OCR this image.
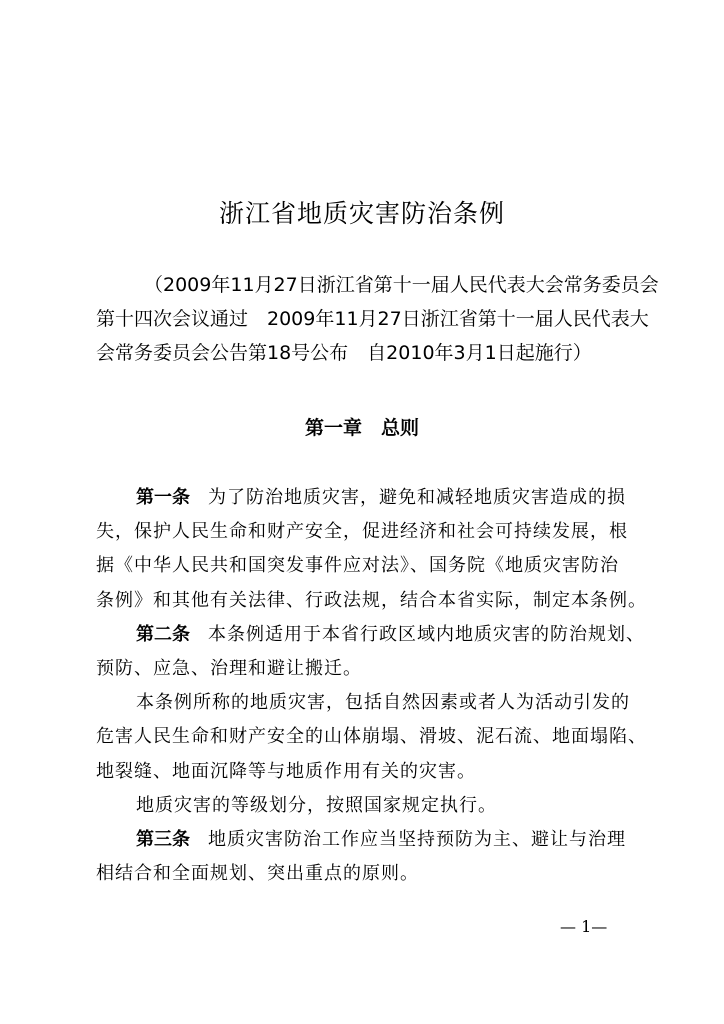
浙江省地质灾害防治条例
（2009年11月27日浙江省第十一届人民代表大会常务委员会
第十四次会议通过　2009年11月27日浙江省第十一届人民代表大
会常务委员会公告第18号公布　自2010年3月1日起施行）
第一章　总则
第一条 为了防治地质灾害，避免和减轻地质灾害造成的损
失，保护人民生命和财产安全，促进经济和社会可持续发展，根
据《中华人民共和国突发事件应对法》、国务院《地质灾害防治
条例》和其他有关法律、行政法规，结合本省实际，制定本条例。
第二条 本条例适用于本省行政区域内地质灾害的防治规划、
预防、应急、治理和避让搬迁。
本条例所称的地质灾害，包括自然因素或者人为活动引发的
危害人民生命和财产安全的山体崩塌、滑坡、泥石流、地面塌陷、
地裂缝、地面沉降等与地质作用有关的灾害。
地质灾害的等级划分，按照国家规定执行。
第三条 地质灾害防治工作应当坚持预防为主、避让与治理
相结合和全面规划、突出重点的原则。
— 1—
